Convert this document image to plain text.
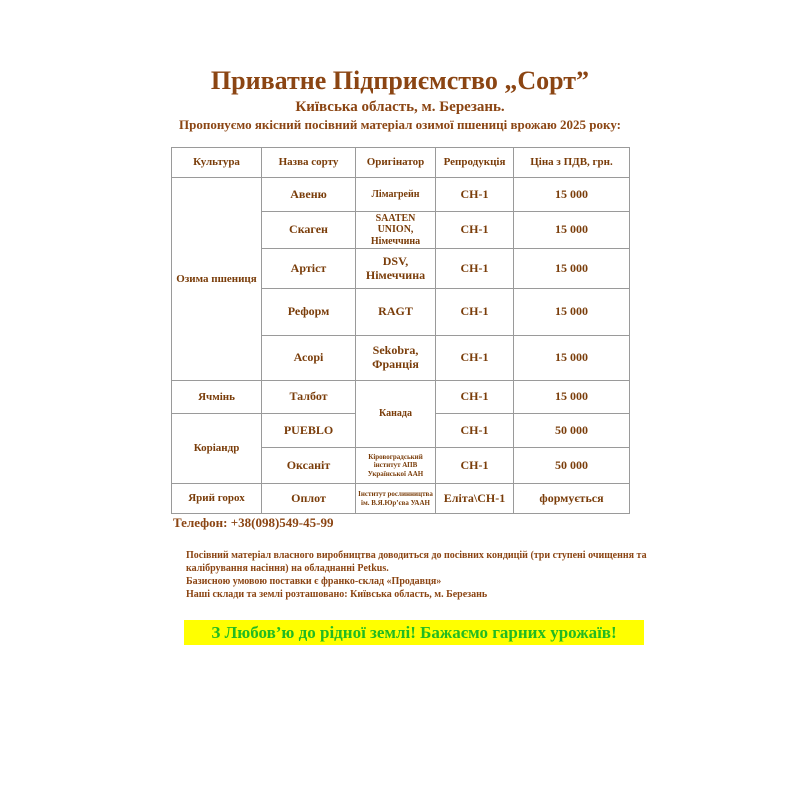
Приватне Підприємство „Сорт”
Київська область, м. Березань.
Пропонуємо якісний посівний матеріал озимої пшениці врожаю 2025 року:
Культура	Назва сорту	Оригінатор	Репродукція	Ціна з ПДВ, грн.
Озима пшениця	Авеню	Лімагрейн	СН-1	15 000
	Скаген	SAATEN UNION, Німеччина	СН-1	15 000
	Артіст	DSV, Німеччина	СН-1	15 000
	Реформ	RAGT	СН-1	15 000
	Асорі	Sekobra, Франція	СН-1	15 000
Ячмінь	Талбот	Канада	СН-1	15 000
Коріандр	PUEBLO		СН-1	50 000
	Оксаніт	Кіровоградський інститут АПВ Української ААН	СН-1	50 000
Ярий горох	Оплот	Інститут рослинництва ім. В.Я.Юр’єва УААН	Еліта\СН-1	формується
Телефон: +38(098)549-45-99

Посівний матеріал власного виробництва доводиться до посівних кондицій (три ступені очищення та калібрування насіння) на обладнанні Petkus.

Базисною умовою поставки є франко-склад «Продавця»

Наші склади та землі розташовано: Київська область, м. Березань

З Любов’ю до рідної землі! Бажаємо гарних урожаїв!
